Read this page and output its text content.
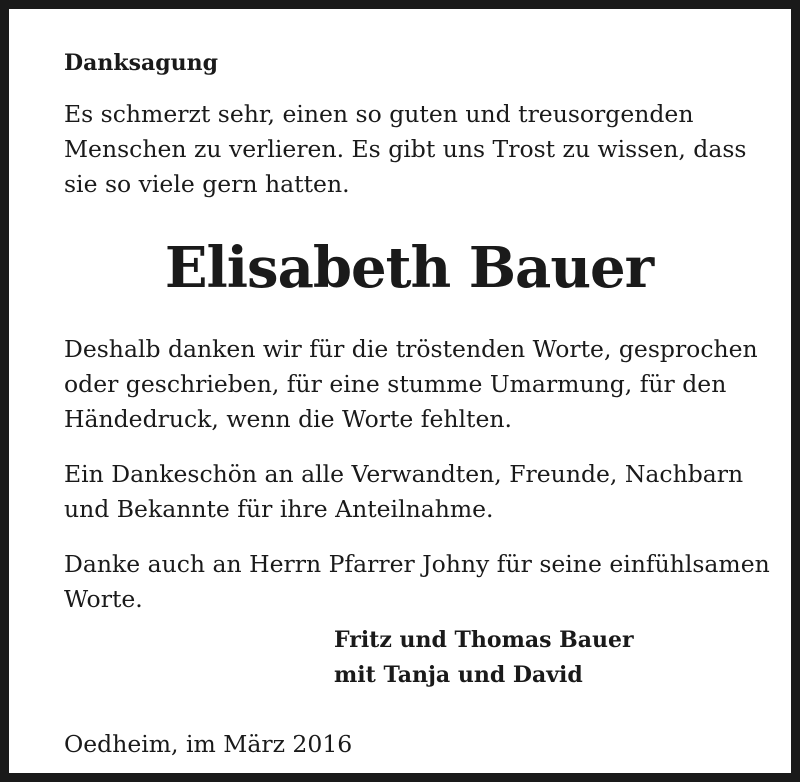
Danksagung

Es schmerzt sehr, einen so guten und treusorgenden
Menschen zu verlieren. Es gibt uns Trost zu wissen, dass
sie so viele gern hatten.

Elisabeth Bauer

Deshalb danken wir für die tröstenden Worte, gesprochen
oder geschrieben, für eine stumme Umarmung, für den
Händedruck, wenn die Worte fehlten.

Ein Dankeschön an alle Verwandten, Freunde, Nachbarn
und Bekannte für ihre Anteilnahme.

Danke auch an Herrn Pfarrer Johny für seine einfühlsamen
Worte.

Fritz und Thomas Bauer
mit Tanja und David

Oedheim, im März 2016
